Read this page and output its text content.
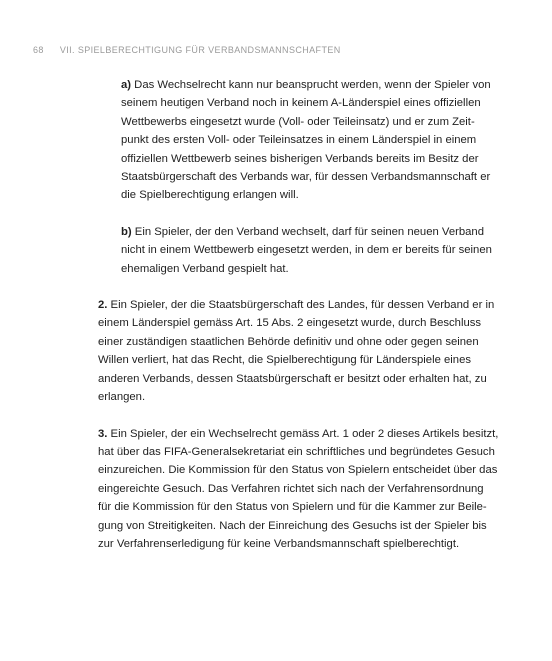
68 VII. SPIELBERECHTIGUNG FÜR VERBANDSMANNSCHAFTEN
a) Das Wechselrecht kann nur beansprucht werden, wenn der Spieler von
seinem heutigen Verband noch in keinem A-Länderspiel eines offiziellen
Wettbewerbs eingesetzt wurde (Voll- oder Teileinsatz) und er zum Zeit-
punkt des ersten Voll- oder Teileinsatzes in einem Länderspiel in einem
offiziellen Wettbewerb seines bisherigen Verbands bereits im Besitz der
Staatsbürgerschaft des Verbands war, für dessen Verbandsmannschaft er
die Spielberechtigung erlangen will.
b) Ein Spieler, der den Verband wechselt, darf für seinen neuen Verband
nicht in einem Wettbewerb eingesetzt werden, in dem er bereits für seinen
ehemaligen Verband gespielt hat.
2. Ein Spieler, der die Staatsbürgerschaft des Landes, für dessen Verband er in
einem Länderspiel gemäss Art. 15 Abs. 2 eingesetzt wurde, durch Beschluss
einer zuständigen staatlichen Behörde definitiv und ohne oder gegen seinen
Willen verliert, hat das Recht, die Spielberechtigung für Länderspiele eines
anderen Verbands, dessen Staatsbürgerschaft er besitzt oder erhalten hat, zu
erlangen.
3. Ein Spieler, der ein Wechselrecht gemäss Art. 1 oder 2 dieses Artikels besitzt,
hat über das FIFA-Generalsekretariat ein schriftliches und begründetes Gesuch
einzureichen. Die Kommission für den Status von Spielern entscheidet über das
eingereichte Gesuch. Das Verfahren richtet sich nach der Verfahrensordnung
für die Kommission für den Status von Spielern und für die Kammer zur Beile-
gung von Streitigkeiten. Nach der Einreichung des Gesuchs ist der Spieler bis
zur Verfahrenserledigung für keine Verbandsmannschaft spielberechtigt.
